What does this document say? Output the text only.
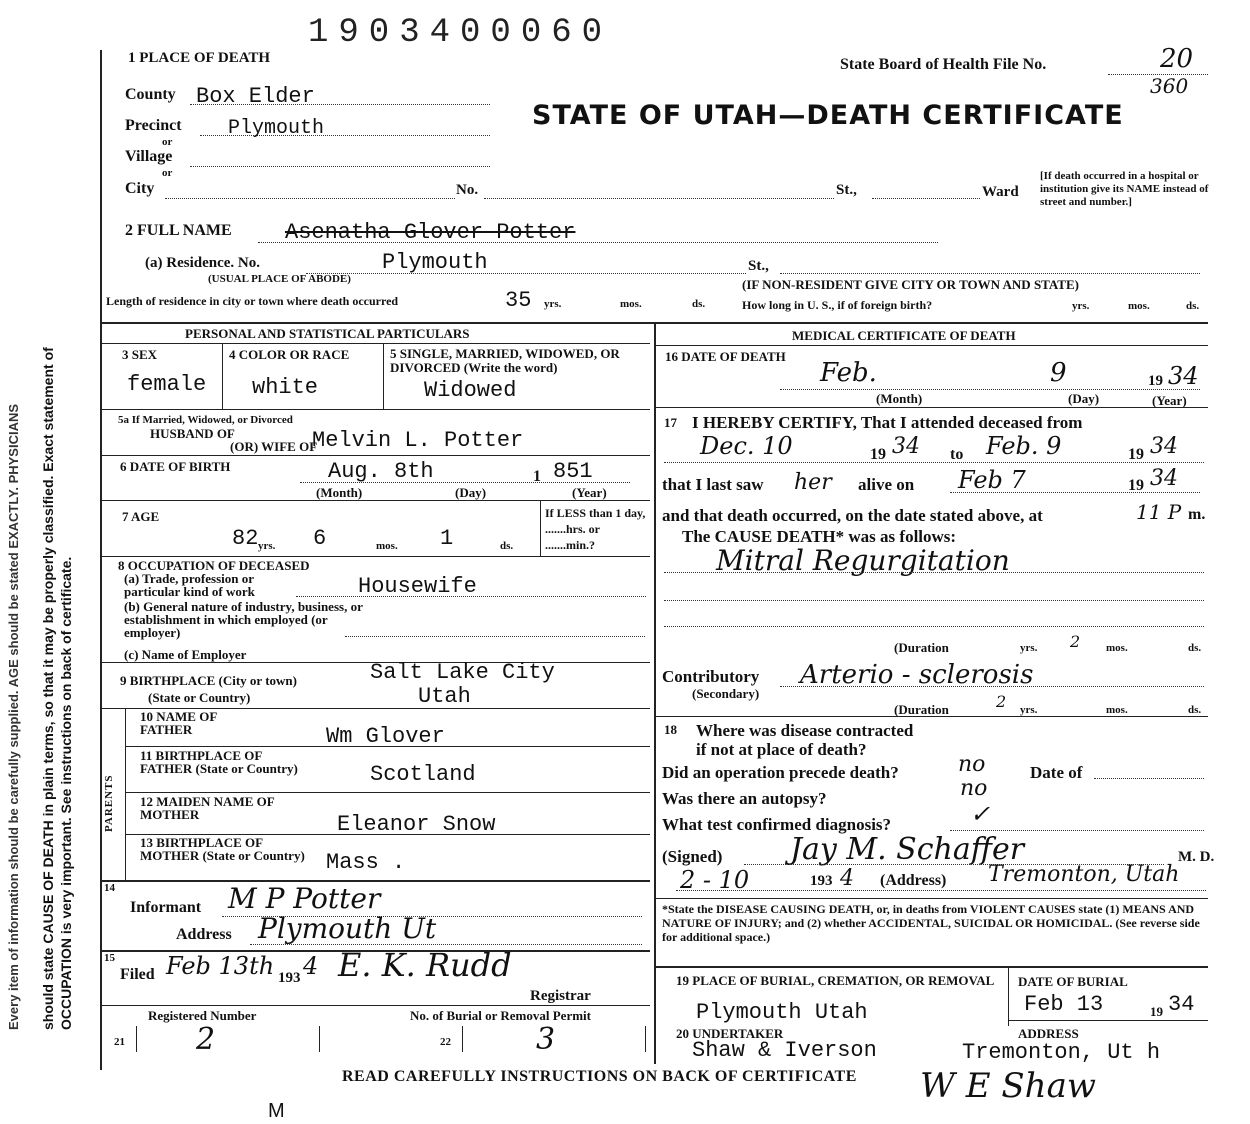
Every item of information should be carefully supplied. AGE should be stated EXACTLY. PHYSICIANS should state CAUSE OF DEATH in plain terms, so that it may be properly classified. Exact statement of OCCUPATION is very important. See instructions on back of certificate.
1903400060
1 PLACE OF DEATH	State Board of Health File No.	20
360
STATE OF UTAH—DEATH CERTIFICATE
County Box Elder
Precinct Plymouth
or
Village
or
City	No.	St.,	Ward
[If death occurred in a hospital or institution give its NAME instead of street and number.]
2 FULL NAME Asenatha Glover Potter
(a) Residence. No.	Plymouth
(USUAL PLACE OF ABODE)
St.,
(IF NON-RESIDENT GIVE CITY OR TOWN AND STATE)
Length of residence in city or town where death occurred	35 yrs.	mos.	ds.	How long in U. S., if of foreign birth?	yrs.	mos.	ds.
PERSONAL AND STATISTICAL PARTICULARS	MEDICAL CERTIFICATE OF DEATH
3 SEX
female
4 COLOR OR RACE
white
5 SINGLE, MARRIED, WIDOWED, OR DIVORCED (Write the word)
Widowed
5a If Married, Widowed, or Divorced
HUSBAND OF
(OR) WIFE OF
Melvin L. Potter
6 DATE OF BIRTH	Aug. 8th	1 851
(Month)	(Day)	(Year)
7 AGE
82 yrs. 6	mos. 1	ds.
If LESS than 1 day, .......hrs. or .......min.?
8 OCCUPATION OF DECEASED
(a) Trade, profession or particular kind of work	Housewife
(b) General nature of industry, business, or establishment in which employed (or employer)
(c) Name of Employer
9 BIRTHPLACE (City or town)	Salt Lake City
(State or Country)	Utah
PARENTS
10 NAME OF FATHER	Wm Glover
11 BIRTHPLACE OF FATHER (State or Country)	Scotland
12 MAIDEN NAME OF MOTHER	Eleanor Snow
13 BIRTHPLACE OF MOTHER (State or Country) Mass .
14
Informant M P Potter
Address Plymouth Ut
15
Filed Feb 13th 193 4 E. K. Rudd
Registrar
Registered Number	No. of Burial or Removal Permit
21 2	22	3
16 DATE OF DEATH
Feb.	9	19 34
(Month)	(Day)	(Year)
17 I HEREBY CERTIFY, That I attended deceased from
Dec. 10	19 34 to Feb. 9	19 34
that I last saw her alive on Feb 7	19 34
and that death occurred, on the date stated above, at	11 P m.
The CAUSE DEATH* was as follows:
Mitral Regurgitation
(Duration	yrs. 2 mos.	ds.
Contributory
(Secondary)
Arterio - sclerosis
(Duration	2 yrs.	mos.	ds.
18 Where was disease contracted
if not at place of death?
Did an operation precede death?	no	Date of
Was there an autopsy?	no
What test confirmed diagnosis?	✓
(Signed) Jay M. Schaffer	M. D.
2 - 10	193 4 (Address) Tremonton, Utah
*State the DISEASE CAUSING DEATH, or, in deaths from VIOLENT CAUSES state (1) MEANS AND NATURE OF INJURY; and (2) whether ACCIDENTAL, SUICIDAL OR HOMICIDAL. (See reverse side for additional space.)
19 PLACE OF BURIAL, CREMATION, OR REMOVAL
Plymouth Utah
DATE OF BURIAL
Feb 13	19 34
20 UNDERTAKER	ADDRESS
Shaw & Iverson	Tremonton, Ut h
READ CAREFULLY INSTRUCTIONS ON BACK OF CERTIFICATE W E Shaw
M
